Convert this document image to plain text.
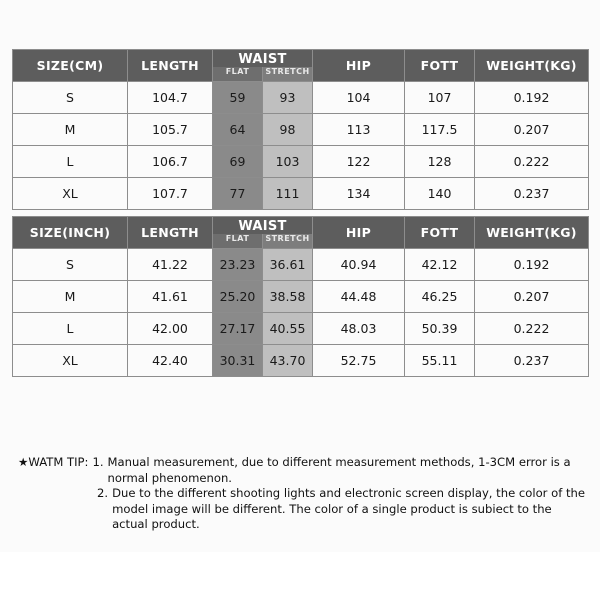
SIZE(CM)	LENGTH	WAIST		HIP	FOTT	WEIGHT(KG)
		FLAT	STRETCH			
S	104.7	59	93	104	107	0.192
M	105.7	64	98	113	117.5	0.207
L	106.7	69	103	122	128	0.222
XL	107.7	77	111	134	140	0.237
SIZE(INCH)	LENGTH	WAIST		HIP	FOTT	WEIGHT(KG)
		FLAT	STRETCH			
S	41.22	23.23	36.61	40.94	42.12	0.192
M	41.61	25.20	38.58	44.48	46.25	0.207
L	42.00	27.17	40.55	48.03	50.39	0.222
XL	42.40	30.31	43.70	52.75	55.11	0.237
★WATM TIP: 1. Manual measurement, due to different measurement methods, 1-3CM error is a normal phenomenon.
2. Due to the different shooting lights and electronic screen display, the color of the model image will be different. The color of a single product is subiect to the actual product.
